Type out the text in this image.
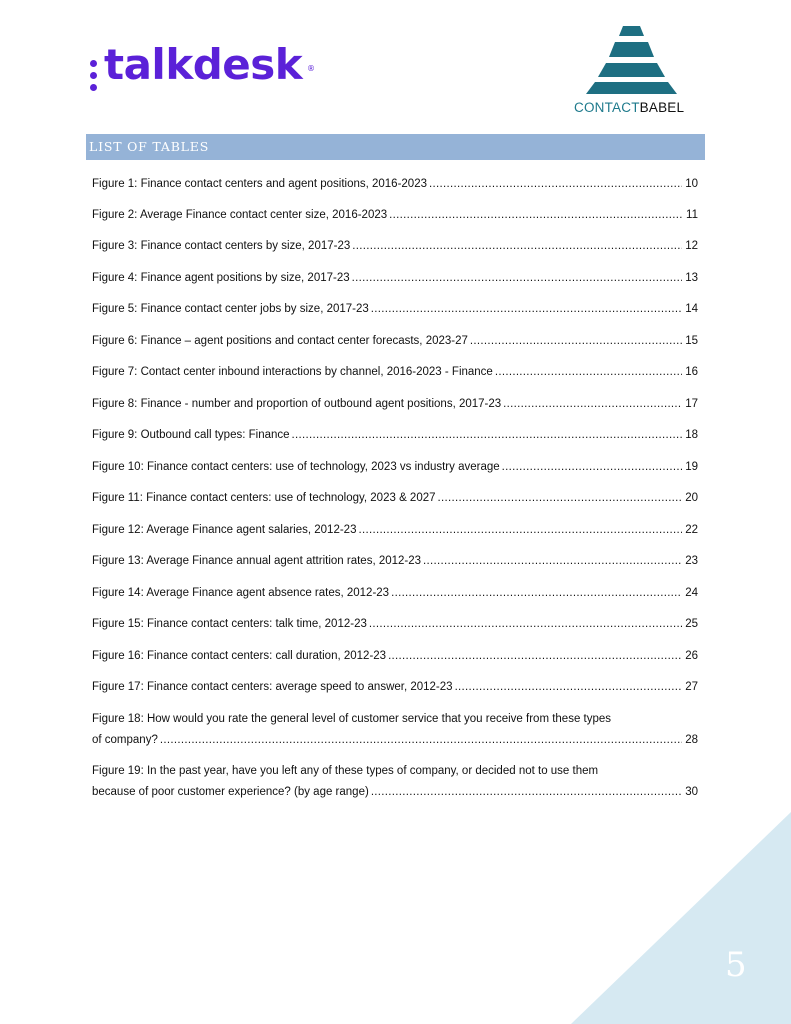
talkdesk ®
CONTACTBABEL
LIST OF TABLES
Figure 1: Finance contact centers and agent positions, 2016-2023 .....	10
Figure 2: Average Finance contact center size, 2016-2023 .....	11
Figure 3: Finance contact centers by size, 2017-23 .....	12
Figure 4: Finance agent positions by size, 2017-23 .....	13
Figure 5: Finance contact center jobs by size, 2017-23 .....	14
Figure 6: Finance – agent positions and contact center forecasts, 2023-27 .....	15
Figure 7: Contact center inbound interactions by channel, 2016-2023 - Finance .....	16
Figure 8: Finance - number and proportion of outbound agent positions, 2017-23 .....	17
Figure 9: Outbound call types: Finance .....	18
Figure 10: Finance contact centers: use of technology, 2023 vs industry average .....	19
Figure 11: Finance contact centers: use of technology, 2023 & 2027 .....	20
Figure 12: Average Finance agent salaries, 2012-23 .....	22
Figure 13: Average Finance annual agent attrition rates, 2012-23 .....	23
Figure 14: Average Finance agent absence rates, 2012-23 .....	24
Figure 15: Finance contact centers: talk time, 2012-23 .....	25
Figure 16: Finance contact centers: call duration, 2012-23 .....	26
Figure 17: Finance contact centers: average speed to answer, 2012-23 .....	27
Figure 18: How would you rate the general level of customer service that you receive from these types
of company? .....	28
Figure 19: In the past year, have you left any of these types of company, or decided not to use them
because of poor customer experience? (by age range) .....	30
5
